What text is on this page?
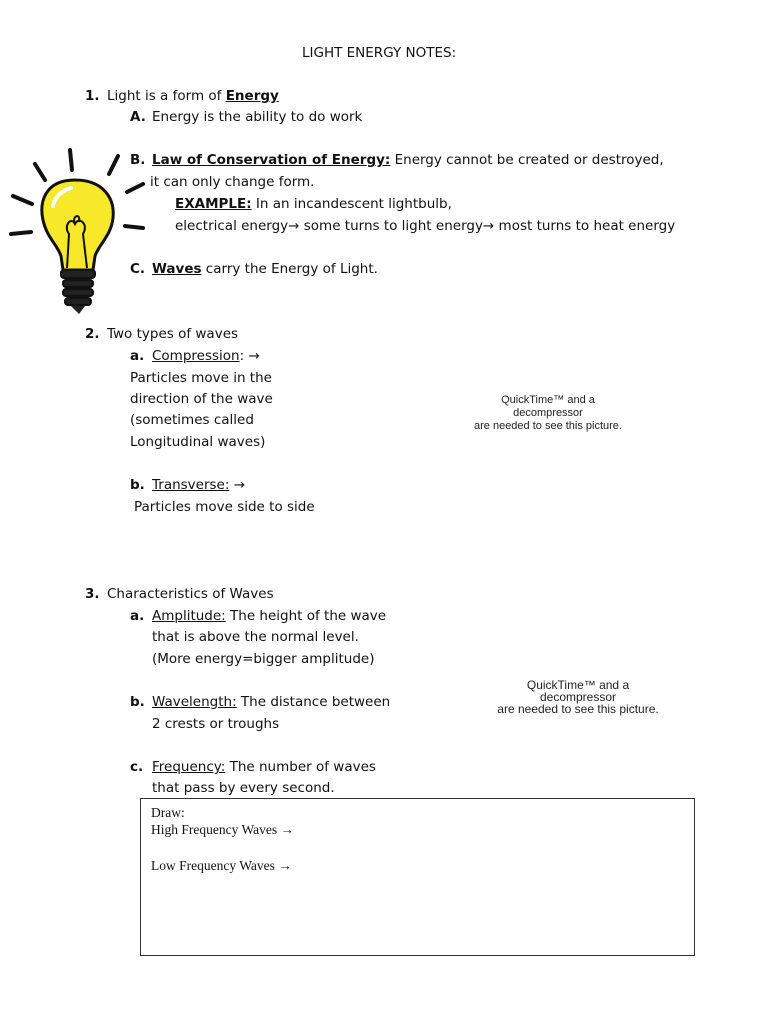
LIGHT ENERGY NOTES:
1. Light is a form of Energy
A. Energy is the ability to do work
B. Law of Conservation of Energy: Energy cannot be created or destroyed,
it can only change form.
EXAMPLE: In an incandescent lightbulb,
electrical energy→ some turns to light energy→ most turns to heat energy
C. Waves carry the Energy of Light.
2. Two types of waves
a. Compression: →
Particles move in the
direction of the wave
(sometimes called
Longitudinal waves)
b. Transverse: →
Particles move side to side
QuickTime™ and a
decompressor
are needed to see this picture.
3. Characteristics of Waves
a. Amplitude: The height of the wave
that is above the normal level.
(More energy=bigger amplitude)
b. Wavelength: The distance between
2 crests or troughs
c. Frequency: The number of waves
that pass by every second.
QuickTime™ and a
decompressor
are needed to see this picture.
Draw:
High Frequency Waves →
Low Frequency Waves →
